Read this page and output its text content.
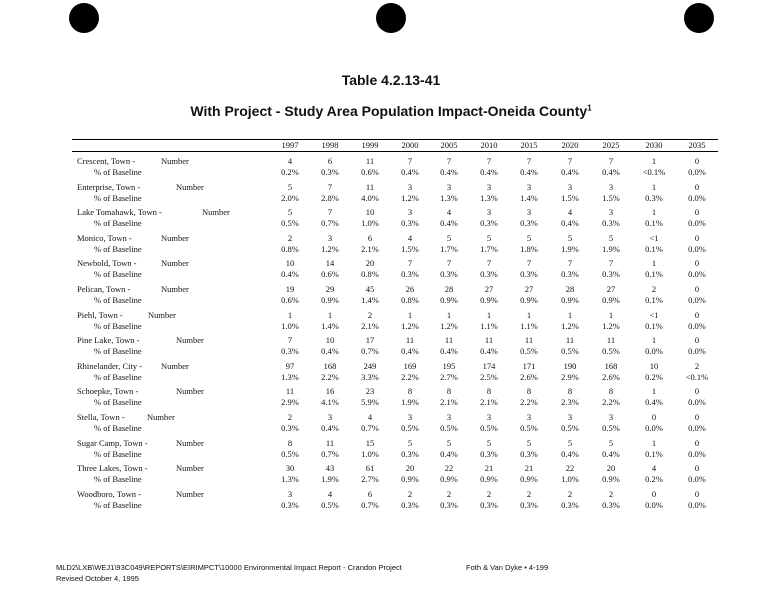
Table 4.2.13-41
With Project - Study Area Population Impact-Oneida County$^1$
1997	1998	1999	2000	2005	2010	2015	2020	2025	2030	2035
Crescent, Town -	Number	4	6	11	7	7	7	7	7	7	1	0
% of Baseline	0.2%	0.3%	0.6%	0.4%	0.4%	0.4%	0.4%	0.4%	0.4%	<0.1%	0.0%
Enterprise, Town -	Number	5	7	11	3	3	3	3	3	3	1	0
% of Baseline	2.0%	2.8%	4.0%	1.2%	1.3%	1.3%	1.4%	1.5%	1.5%	0.3%	0.0%
Lake Tomahawk, Town -	Number	5	7	10	3	4	3	3	4	3	1	0
% of Baseline	0.5%	0.7%	1.0%	0.3%	0.4%	0.3%	0.3%	0.4%	0.3%	0.1%	0.0%
Monico, Town -	Number	2	3	6	4	5	5	5	5	5	<1	0
% of Baseline	0.8%	1.2%	2.1%	1.5%	1.7%	1.7%	1.8%	1.9%	1.9%	0.1%	0.0%
Newbold, Town -	Number	10	14	20	7	7	7	7	7	7	1	0
% of Baseline	0.4%	0.6%	0.8%	0.3%	0.3%	0.3%	0.3%	0.3%	0.3%	0.1%	0.0%
Pelican, Town -	Number	19	29	45	26	28	27	27	28	27	2	0
% of Baseline	0.6%	0.9%	1.4%	0.8%	0.9%	0.9%	0.9%	0.9%	0.9%	0.1%	0.0%
Piehl, Town -	Number	1	1	2	1	1	1	1	1	1	<1	0
% of Baseline	1.0%	1.4%	2.1%	1.2%	1.2%	1.1%	1.1%	1.2%	1.2%	0.1%	0.0%
Pine Lake, Town -	Number	7	10	17	11	11	11	11	11	11	1	0
% of Baseline	0.3%	0.4%	0.7%	0.4%	0.4%	0.4%	0.5%	0.5%	0.5%	0.0%	0.0%
Rhinelander, City - Number	97	168	249	169	195	174	171	190	168	10	2
% of Baseline	1.3%	2.2%	3.3%	2.2%	2.7%	2.5%	2.6%	2.9%	2.6%	0.2%	<0.1%
Schoepke, Town -	Number	11	16	23	8	8	8	8	8	8	1	0
% of Baseline	2.9%	4.1%	5.9%	1.9%	2.1%	2.1%	2.2%	2.3%	2.2%	0.4%	0.0%
Stella, Town -	Number	2	3	4	3	3	3	3	3	3	0	0
% of Baseline	0.3%	0.4%	0.7%	0.5%	0.5%	0.5%	0.5%	0.5%	0.5%	0.0%	0.0%
Sugar Camp, Town -	Number	8	11	15	5	5	5	5	5	5	1	0
% of Baseline	0.5%	0.7%	1.0%	0.3%	0.4%	0.3%	0.3%	0.4%	0.4%	0.1%	0.0%
Three Lakes, Town -	Number	30	43	61	20	22	21	21	22	20	4	0
% of Baseline	1.3%	1.9%	2.7%	0.9%	0.9%	0.9%	0.9%	1.0%	0.9%	0.2%	0.0%
Woodboro, Town -	Number	3	4	6	2	2	2	2	2	2	0	0
% of Baseline	0.3%	0.5%	0.7%	0.3%	0.3%	0.3%	0.3%	0.3%	0.3%	0.0%	0.0%
MLD2\LXB\WEJ1\93C049\REPORTS\EIRIMPCT\10000 Environmental Impact Report - Crandon Project
Revised October 4, 1995
Foth & Van Dyke • 4-199
